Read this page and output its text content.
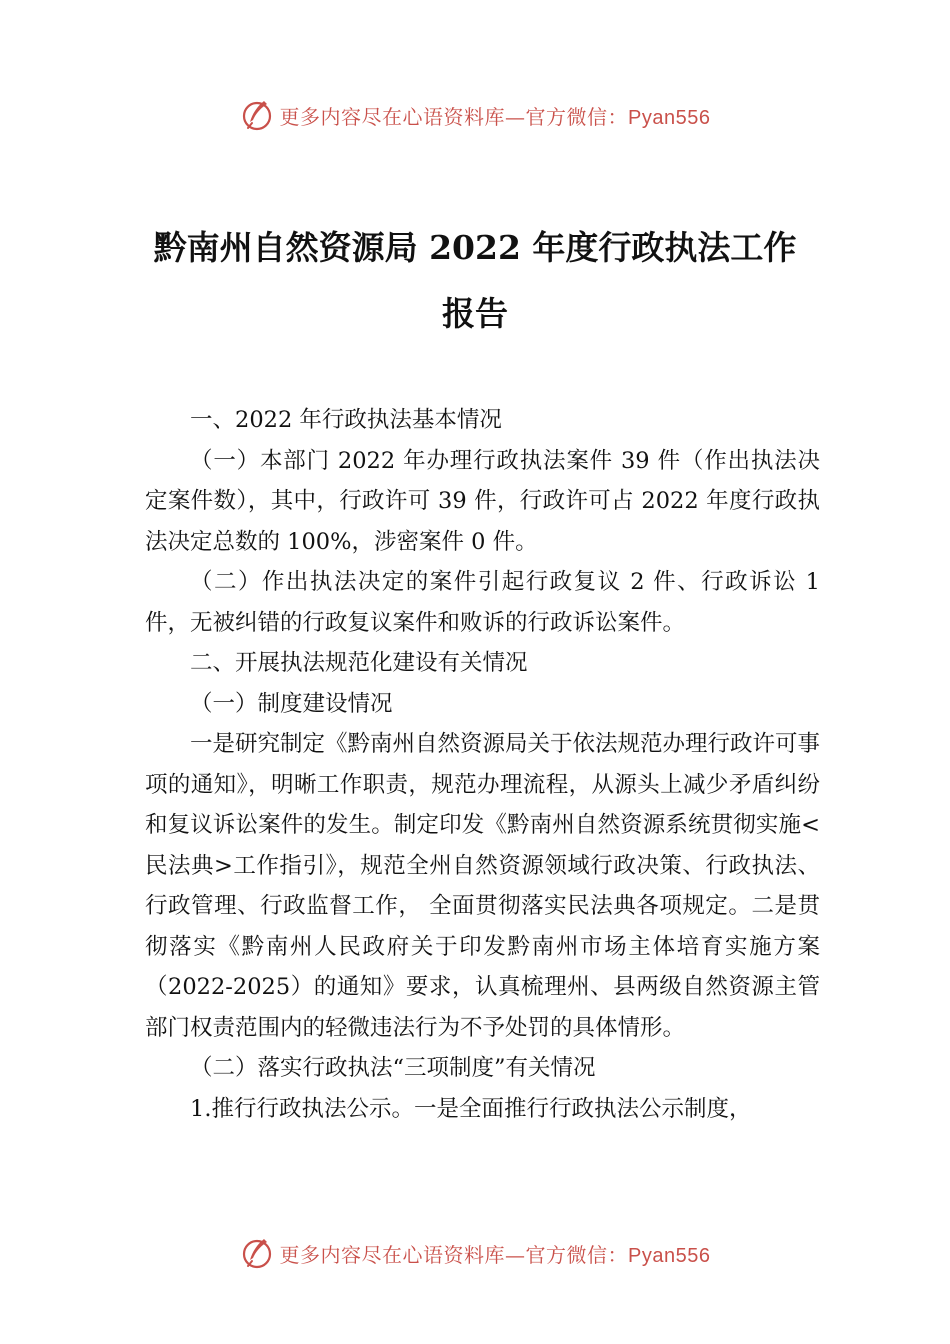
更多内容尽在心语资料库—官方微信：Pyan556
黔南州自然资源局 2022 年度行政执法工作
报告

一、2022 年行政执法基本情况

（一）本部门 2022 年办理行政执法案件 39 件（作出执法决定案件数），其中，行政许可 39 件，行政许可占 2022 年度行政执法决定总数的 100%，涉密案件 0 件。

（二）作出执法决定的案件引起行政复议 2 件、行政诉讼 1 件，无被纠错的行政复议案件和败诉的行政诉讼案件。

二、开展执法规范化建设有关情况

（一）制度建设情况

一是研究制定《黔南州自然资源局关于依法规范办理行政许可事项的通知》，明晰工作职责，规范办理流程，从源头上减少矛盾纠纷和复议诉讼案件的发生。制定印发《黔南州自然资源系统贯彻实施<民法典>工作指引》，规范全州自然资源领域行政决策、行政执法、行政管理、行政监督工作， 全面贯彻落实民法典各项规定。二是贯彻落实《黔南州人民政府关于印发黔南州市场主体培育实施方案（2022-2025）的通知》要求，认真梳理州、县两级自然资源主管部门权责范围内的轻微违法行为不予处罚的具体情形。

（二）落实行政执法“三项制度”有关情况

1.推行行政执法公示。一是全面推行行政执法公示制度，

更多内容尽在心语资料库—官方微信：Pyan556
